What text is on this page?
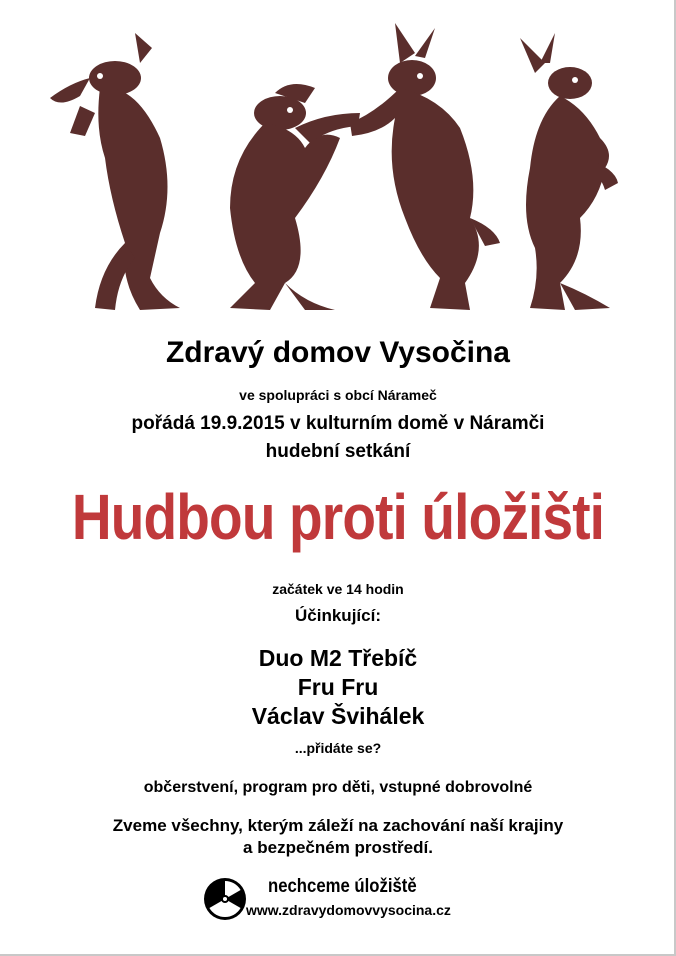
Zdravý domov Vysočina
ve spolupráci s obcí Náramеč
pořádá 19.9.2015 v kulturním domě v Náramči
hudební setkání
Hudbou proti úložišti
začátek ve 14 hodin
Účinkující:
Duo M2 Třebíč
Fru Fru
Václav Švihálek
...přidáte se?
občerstvení, program pro děti, vstupné dobrovolné
Zveme všechny, kterým záleží na zachování naší krajiny
a bezpečném prostředí.
nechceme úložiště
www.zdravydomovvysocina.cz
